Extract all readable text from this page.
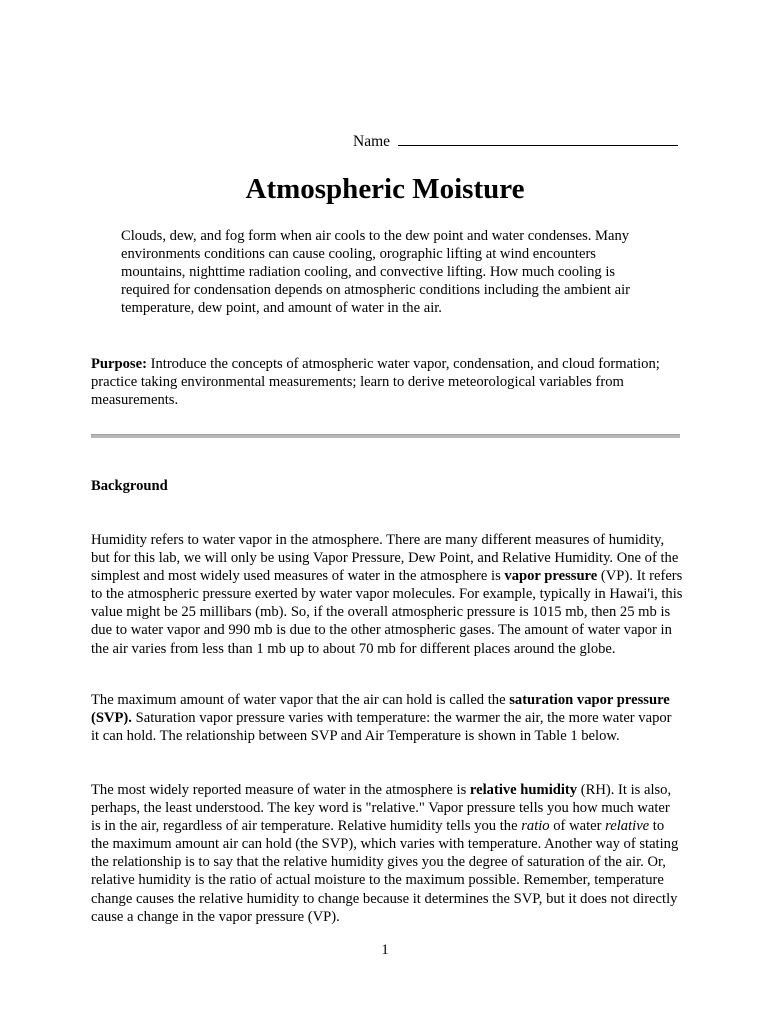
Name
Atmospheric Moisture

Clouds, dew, and fog form when air cools to the dew point and water condenses. Many environments conditions can cause cooling, orographic lifting at wind encounters mountains, nighttime radiation cooling, and convective lifting. How much cooling is required for condensation depends on atmospheric conditions including the ambient air temperature, dew point, and amount of water in the air.

Purpose: Introduce the concepts of atmospheric water vapor, condensation, and cloud formation; practice taking environmental measurements; learn to derive meteorological variables from measurements.

Background

Humidity refers to water vapor in the atmosphere. There are many different measures of humidity, but for this lab, we will only be using Vapor Pressure, Dew Point, and Relative Humidity. One of the simplest and most widely used measures of water in the atmosphere is vapor pressure (VP). It refers to the atmospheric pressure exerted by water vapor molecules. For example, typically in Hawai'i, this value might be 25 millibars (mb). So, if the overall atmospheric pressure is 1015 mb, then 25 mb is due to water vapor and 990 mb is due to the other atmospheric gases. The amount of water vapor in the air varies from less than 1 mb up to about 70 mb for different places around the globe.

The maximum amount of water vapor that the air can hold is called the saturation vapor pressure (SVP). Saturation vapor pressure varies with temperature: the warmer the air, the more water vapor it can hold. The relationship between SVP and Air Temperature is shown in Table 1 below.

The most widely reported measure of water in the atmosphere is relative humidity (RH). It is also, perhaps, the least understood. The key word is "relative." Vapor pressure tells you how much water is in the air, regardless of air temperature. Relative humidity tells you the ratio of water relative to the maximum amount air can hold (the SVP), which varies with temperature. Another way of stating the relationship is to say that the relative humidity gives you the degree of saturation of the air. Or, relative humidity is the ratio of actual moisture to the maximum possible. Remember, temperature change causes the relative humidity to change because it determines the SVP, but it does not directly cause a change in the vapor pressure (VP).

1
